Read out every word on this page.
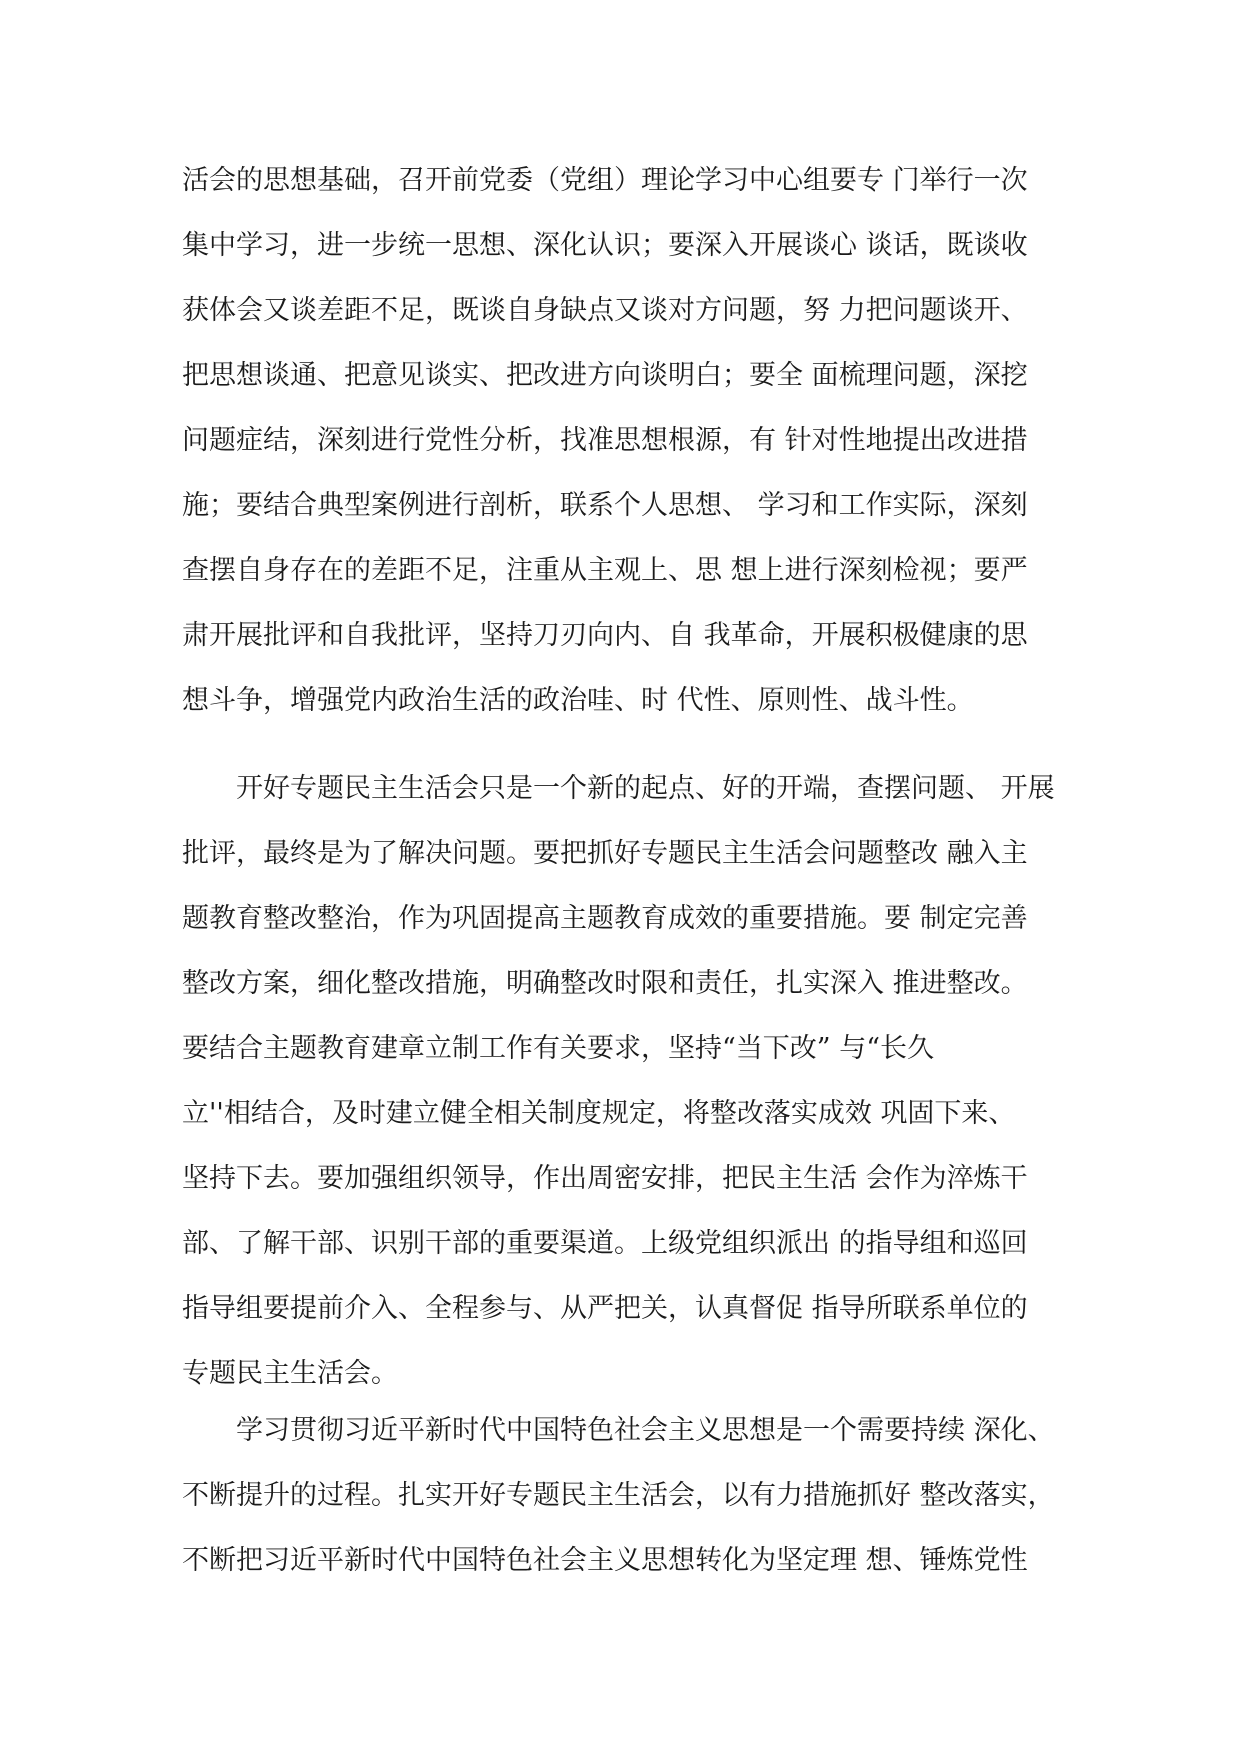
活会的思想基础，召开前党委（党组）理论学习中心组要专 门举行一次
集中学习，进一步统一思想、深化认识；要深入开展谈心 谈话，既谈收
获体会又谈差距不足，既谈自身缺点又谈对方问题，努 力把问题谈开、
把思想谈通、把意见谈实、把改进方向谈明白；要全 面梳理问题，深挖
问题症结，深刻进行党性分析，找准思想根源，有 针对性地提出改进措
施；要结合典型案例进行剖析，联系个人思想、 学习和工作实际，深刻
查摆自身存在的差距不足，注重从主观上、思 想上进行深刻检视；要严
肃开展批评和自我批评，坚持刀刃向内、自 我革命，开展积极健康的思
想斗争，增强党内政治生活的政治哇、时 代性、原则性、战斗性。
　　开好专题民主生活会只是一个新的起点、好的开端，查摆问题、 开展
批评，最终是为了解决问题。要把抓好专题民主生活会问题整改 融入主
题教育整改整治，作为巩固提高主题教育成效的重要措施。要 制定完善
整改方案，细化整改措施，明确整改时限和责任，扎实深入 推进整改。
要结合主题教育建章立制工作有关要求，坚持“当下改” 与“长久
立''相结合，及时建立健全相关制度规定，将整改落实成效 巩固下来、
坚持下去。要加强组织领导，作出周密安排，把民主生活 会作为淬炼干
部、了解干部、识别干部的重要渠道。上级党组织派出 的指导组和巡回
指导组要提前介入、全程参与、从严把关，认真督促 指导所联系单位的
专题民主生活会。
　　学习贯彻习近平新时代中国特色社会主义思想是一个需要持续 深化、
不断提升的过程。扎实开好专题民主生活会，以有力措施抓好 整改落实，
不断把习近平新时代中国特色社会主义思想转化为坚定理 想、锤炼党性
